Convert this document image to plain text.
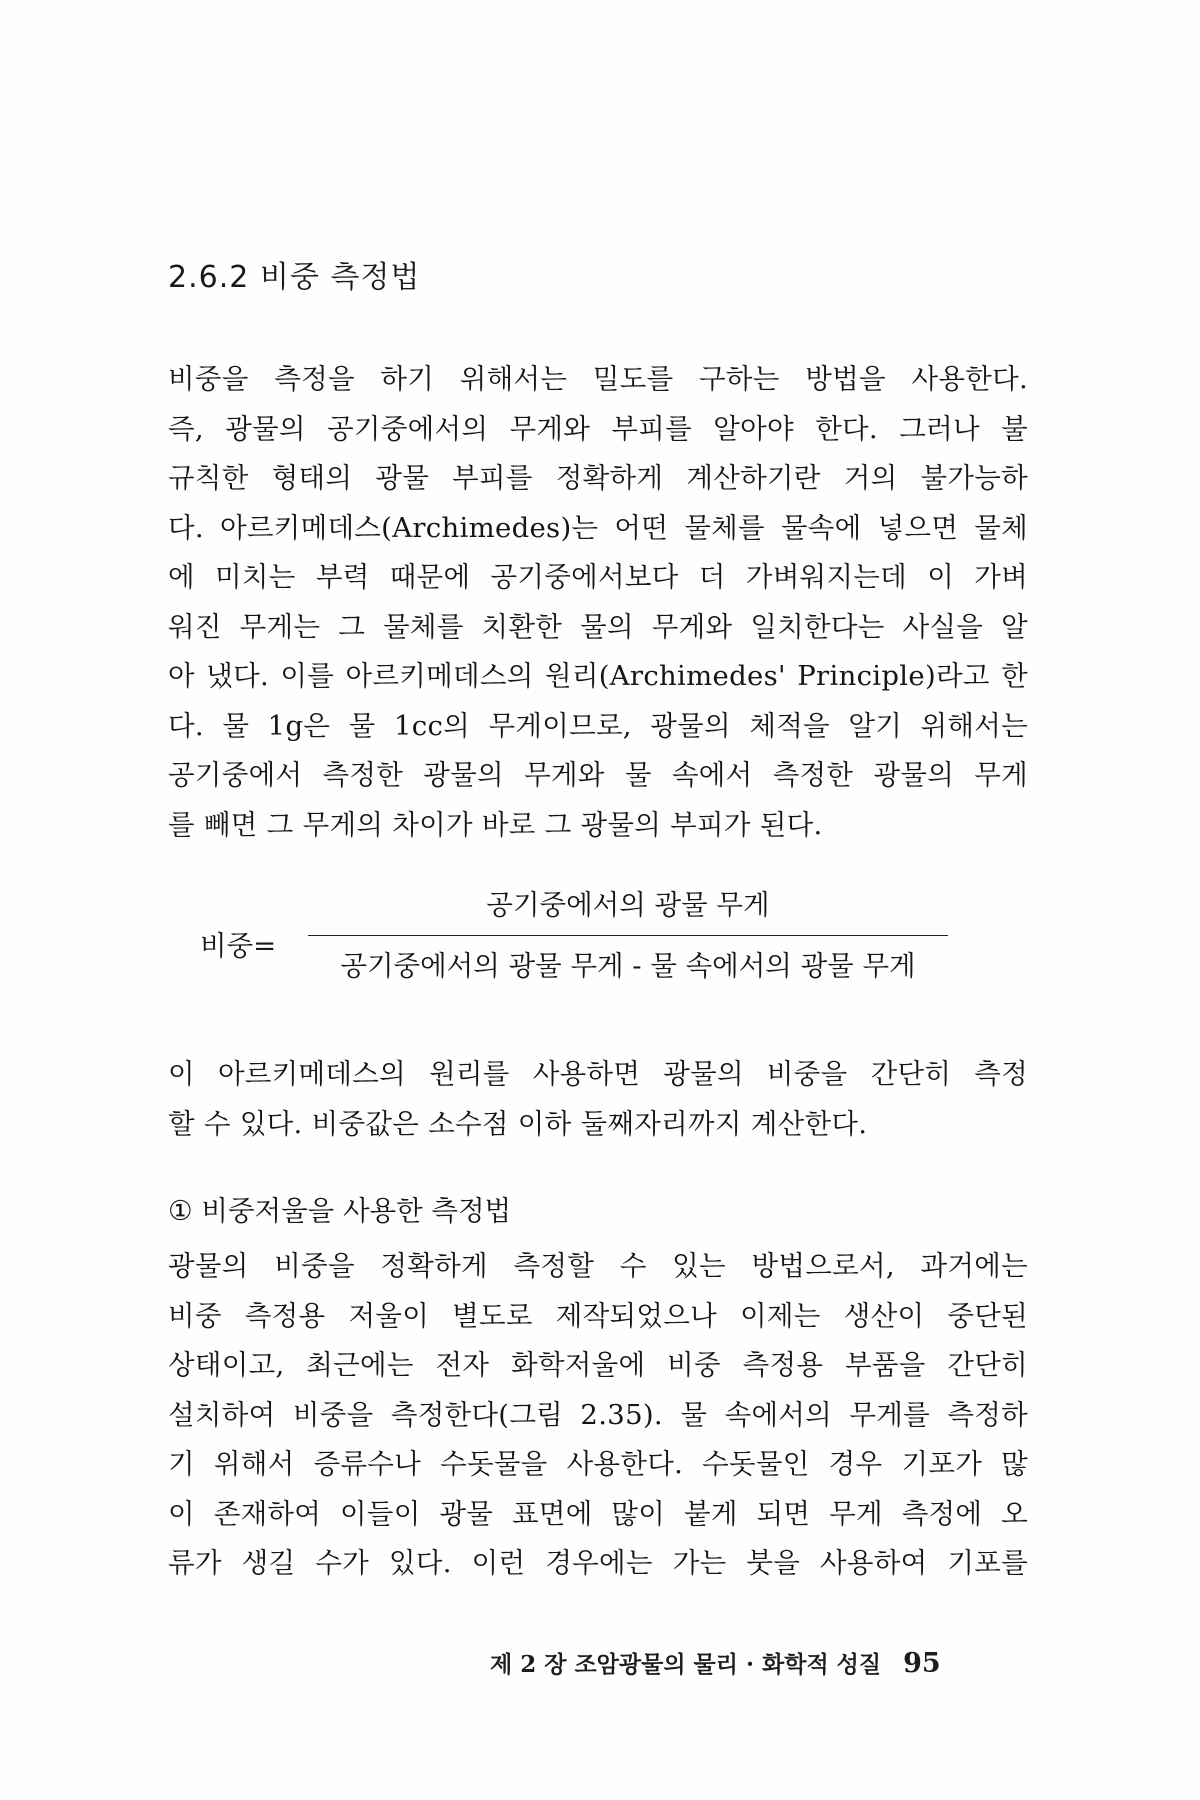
2.6.2 비중 측정법
비중을 측정을 하기 위해서는 밀도를 구하는 방법을 사용한다.
즉, 광물의 공기중에서의 무게와 부피를 알아야 한다. 그러나 불
규칙한 형태의 광물 부피를 정확하게 계산하기란 거의 불가능하
다. 아르키메데스(Archimedes)는 어떤 물체를 물속에 넣으면 물체
에 미치는 부력 때문에 공기중에서보다 더 가벼워지는데 이 가벼
워진 무게는 그 물체를 치환한 물의 무게와 일치한다는 사실을 알
아 냈다. 이를 아르키메데스의 원리(Archimedes' Principle)라고 한
다. 물 1g은 물 1cc의 무게이므로, 광물의 체적을 알기 위해서는
공기중에서 측정한 광물의 무게와 물 속에서 측정한 광물의 무게
를 빼면 그 무게의 차이가 바로 그 광물의 부피가 된다.
비중=
공기중에서의 광물 무게
공기중에서의 광물 무게 - 물 속에서의 광물 무게
이 아르키메데스의 원리를 사용하면 광물의 비중을 간단히 측정
할 수 있다. 비중값은 소수점 이하 둘째자리까지 계산한다.
① 비중저울을 사용한 측정법
광물의 비중을 정확하게 측정할 수 있는 방법으로서, 과거에는
비중 측정용 저울이 별도로 제작되었으나 이제는 생산이 중단된
상태이고, 최근에는 전자 화학저울에 비중 측정용 부품을 간단히
설치하여 비중을 측정한다(그림 2.35). 물 속에서의 무게를 측정하
기 위해서 증류수나 수돗물을 사용한다. 수돗물인 경우 기포가 많
이 존재하여 이들이 광물 표면에 많이 붙게 되면 무게 측정에 오
류가 생길 수가 있다. 이런 경우에는 가는 붓을 사용하여 기포를
제 2 장 조암광물의 물리 · 화학적 성질 95
